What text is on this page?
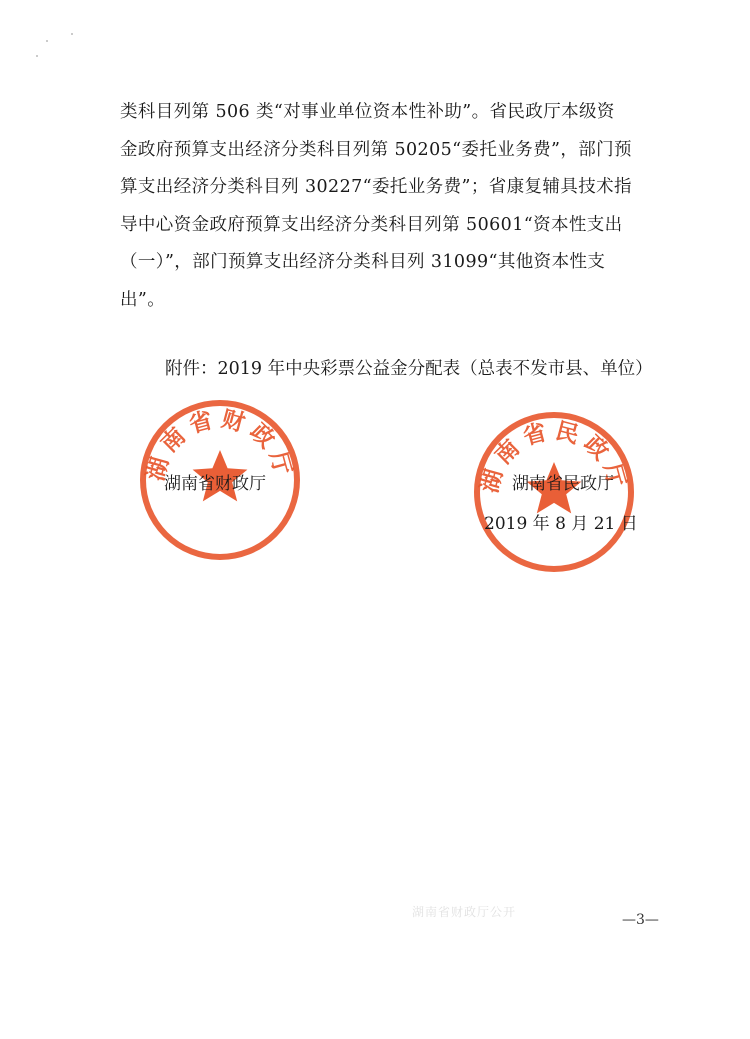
类科目列第 506 类“对事业单位资本性补助”。省民政厅本级资
金政府预算支出经济分类科目列第 50205“委托业务费”，部门预
算支出经济分类科目列 30227“委托业务费”；省康复辅具技术指
导中心资金政府预算支出经济分类科目列第 50601“资本性支出
（一）”，部门预算支出经济分类科目列 31099“其他资本性支
出”。
附件：2019 年中央彩票公益金分配表（总表不发市县、单位）
湖南省财政厅	湖南省民政厅
湖南省财政厅	湖南省民政厅
2019 年 8 月 21 日
湖南省财政厅公开	—3—
